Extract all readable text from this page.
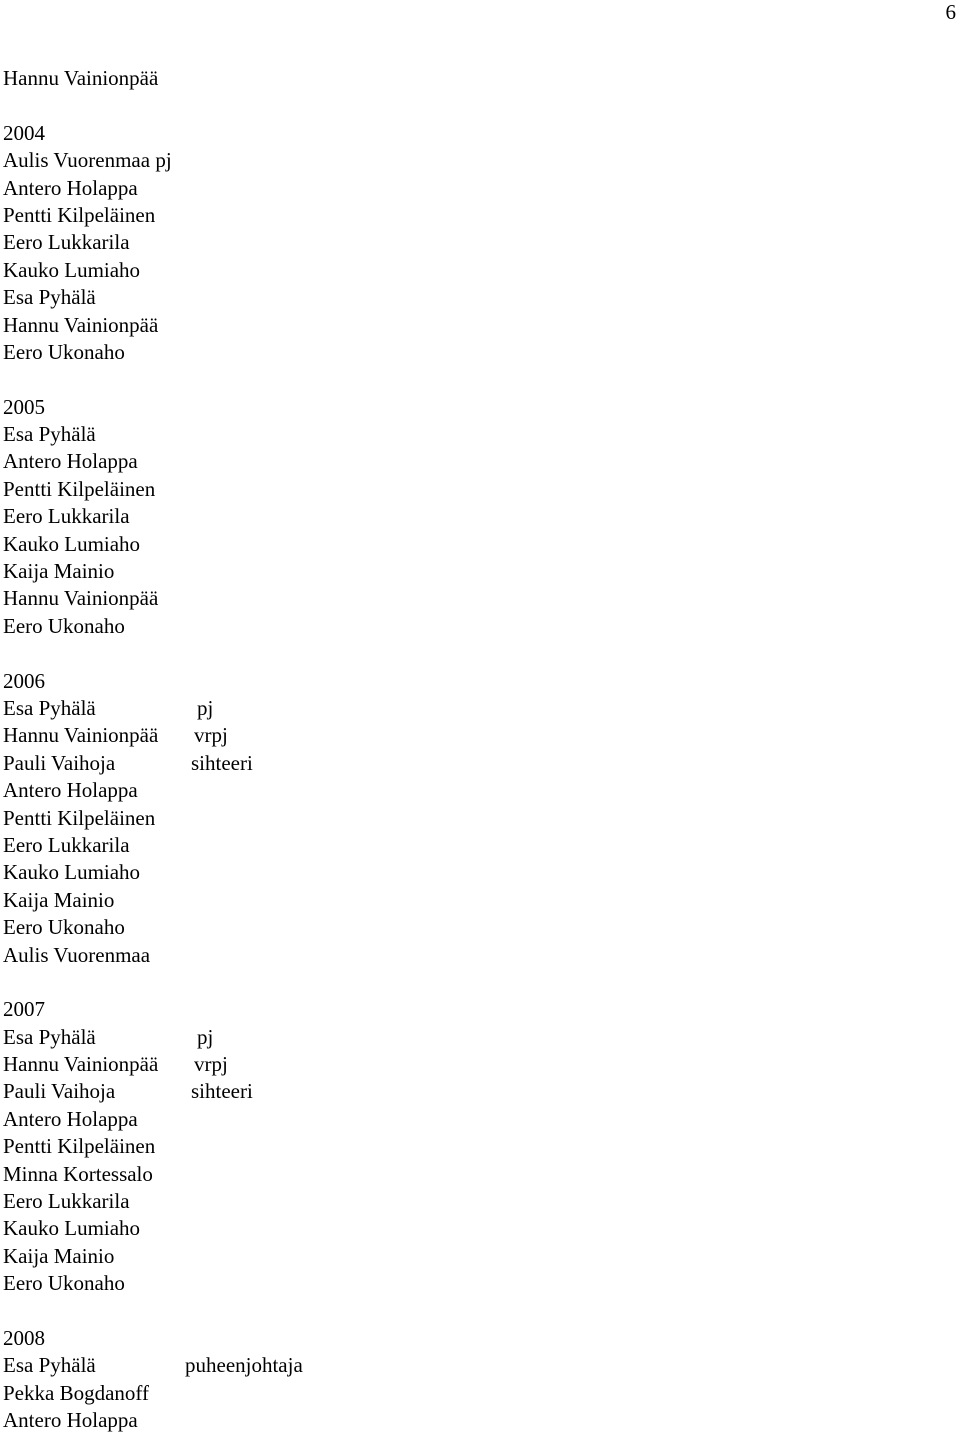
6
Hannu Vainionpää
2004
Aulis Vuorenmaa pj
Antero Holappa
Pentti Kilpeläinen
Eero Lukkarila
Kauko Lumiaho
Esa Pyhälä
Hannu Vainionpää
Eero Ukonaho
2005
Esa Pyhälä
Antero Holappa
Pentti Kilpeläinen
Eero Lukkarila
Kauko Lumiaho
Kaija Mainio
Hannu Vainionpää
Eero Ukonaho
2006
Esa Pyhälä	pj
Hannu Vainionpää vrpj
Pauli Vaihoja	sihteeri
Antero Holappa
Pentti Kilpeläinen
Eero Lukkarila
Kauko Lumiaho
Kaija Mainio
Eero Ukonaho
Aulis Vuorenmaa
2007
Esa Pyhälä	pj
Hannu Vainionpää vrpj
Pauli Vaihoja	sihteeri
Antero Holappa
Pentti Kilpeläinen
Minna Kortessalo
Eero Lukkarila
Kauko Lumiaho
Kaija Mainio
Eero Ukonaho
2008
Esa Pyhälä	puheenjohtaja
Pekka Bogdanoff
Antero Holappa
